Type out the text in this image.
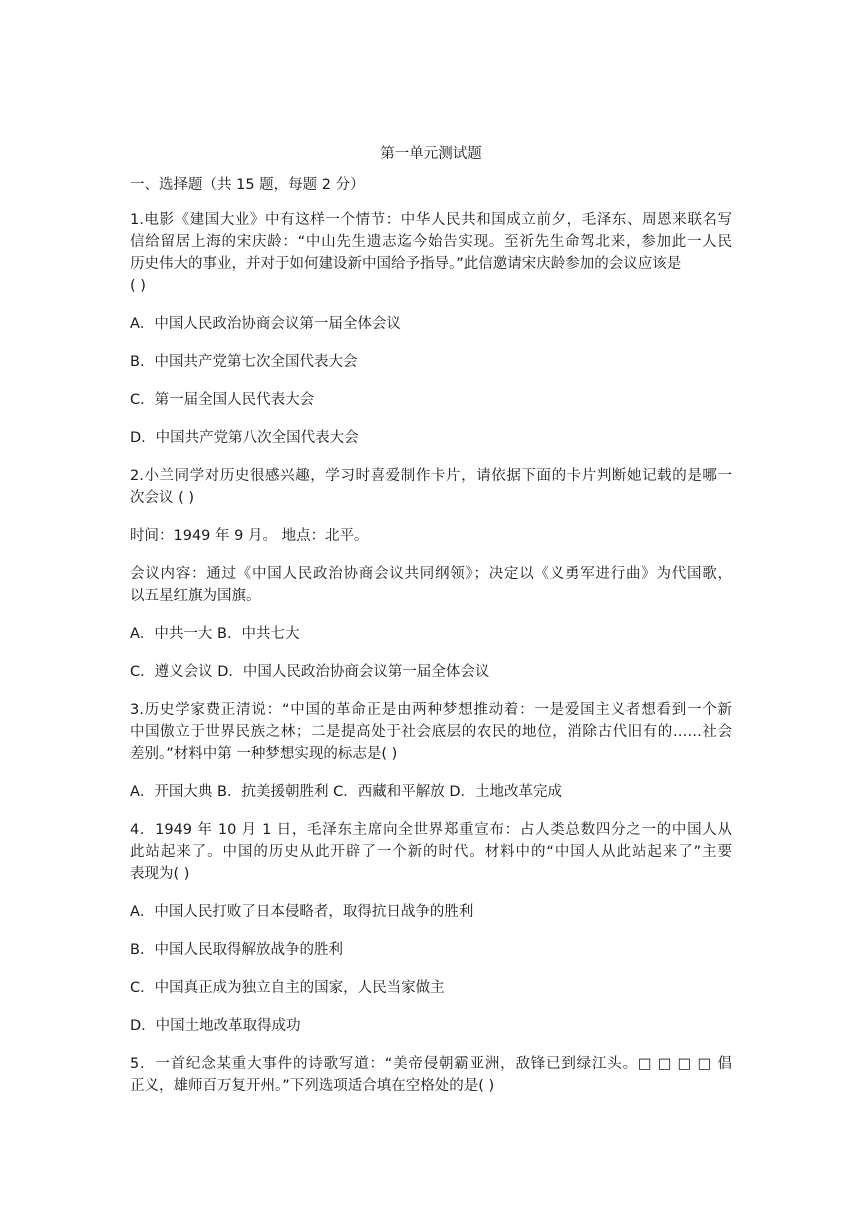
第一单元测试题
一、选择题（共 15 题，每题 2 分）
1.电影《建国大业》中有这样一个情节：中华人民共和国成立前夕，毛泽东、周恩来联名写
信给留居上海的宋庆龄：“中山先生遗志迄今始告实现。至祈先生命驾北来，参加此一人民
历史伟大的事业，并对于如何建设新中国给予指导。”此信邀请宋庆龄参加的会议应该是
( )
A．中国人民政治协商会议第一届全体会议
B．中国共产党第七次全国代表大会
C．第一届全国人民代表大会
D．中国共产党第八次全国代表大会
2.小兰同学对历史很感兴趣，学习时喜爱制作卡片，请依据下面的卡片判断她记载的是哪一
次会议 ( )
时间：1949 年 9 月。 地点：北平。
会议内容：通过《中国人民政治协商会议共同纲领》；决定以《义勇军进行曲》为代国歌，
以五星红旗为国旗。
A．中共一大 B．中共七大
C．遵义会议 D．中国人民政治协商会议第一届全体会议
3.历史学家费正清说：“中国的革命正是由两种梦想推动着：一是爱国主义者想看到一个新
中国傲立于世界民族之林；二是提高处于社会底层的农民的地位，消除古代旧有的……社会
差别。”材料中第 一种梦想实现的标志是( )
A．开国大典 B．抗美援朝胜利 C．西藏和平解放 D．土地改革完成
4．1949 年 10 月 1 日，毛泽东主席向全世界郑重宣布：占人类总数四分之一的中国人从
此站起来了。中国的历史从此开辟了一个新的时代。材料中的“中国人从此站起来了”主要
表现为( )
A．中国人民打败了日本侵略者，取得抗日战争的胜利
B．中国人民取得解放战争的胜利
C．中国真正成为独立自主的国家，人民当家做主
D．中国土地改革取得成功
5．一首纪念某重大事件的诗歌写道：“美帝侵朝霸亚洲，敌锋已到绿江头。□ □ □ □ 倡
正义，雄师百万复开州。”下列选项适合填在空格处的是( )
